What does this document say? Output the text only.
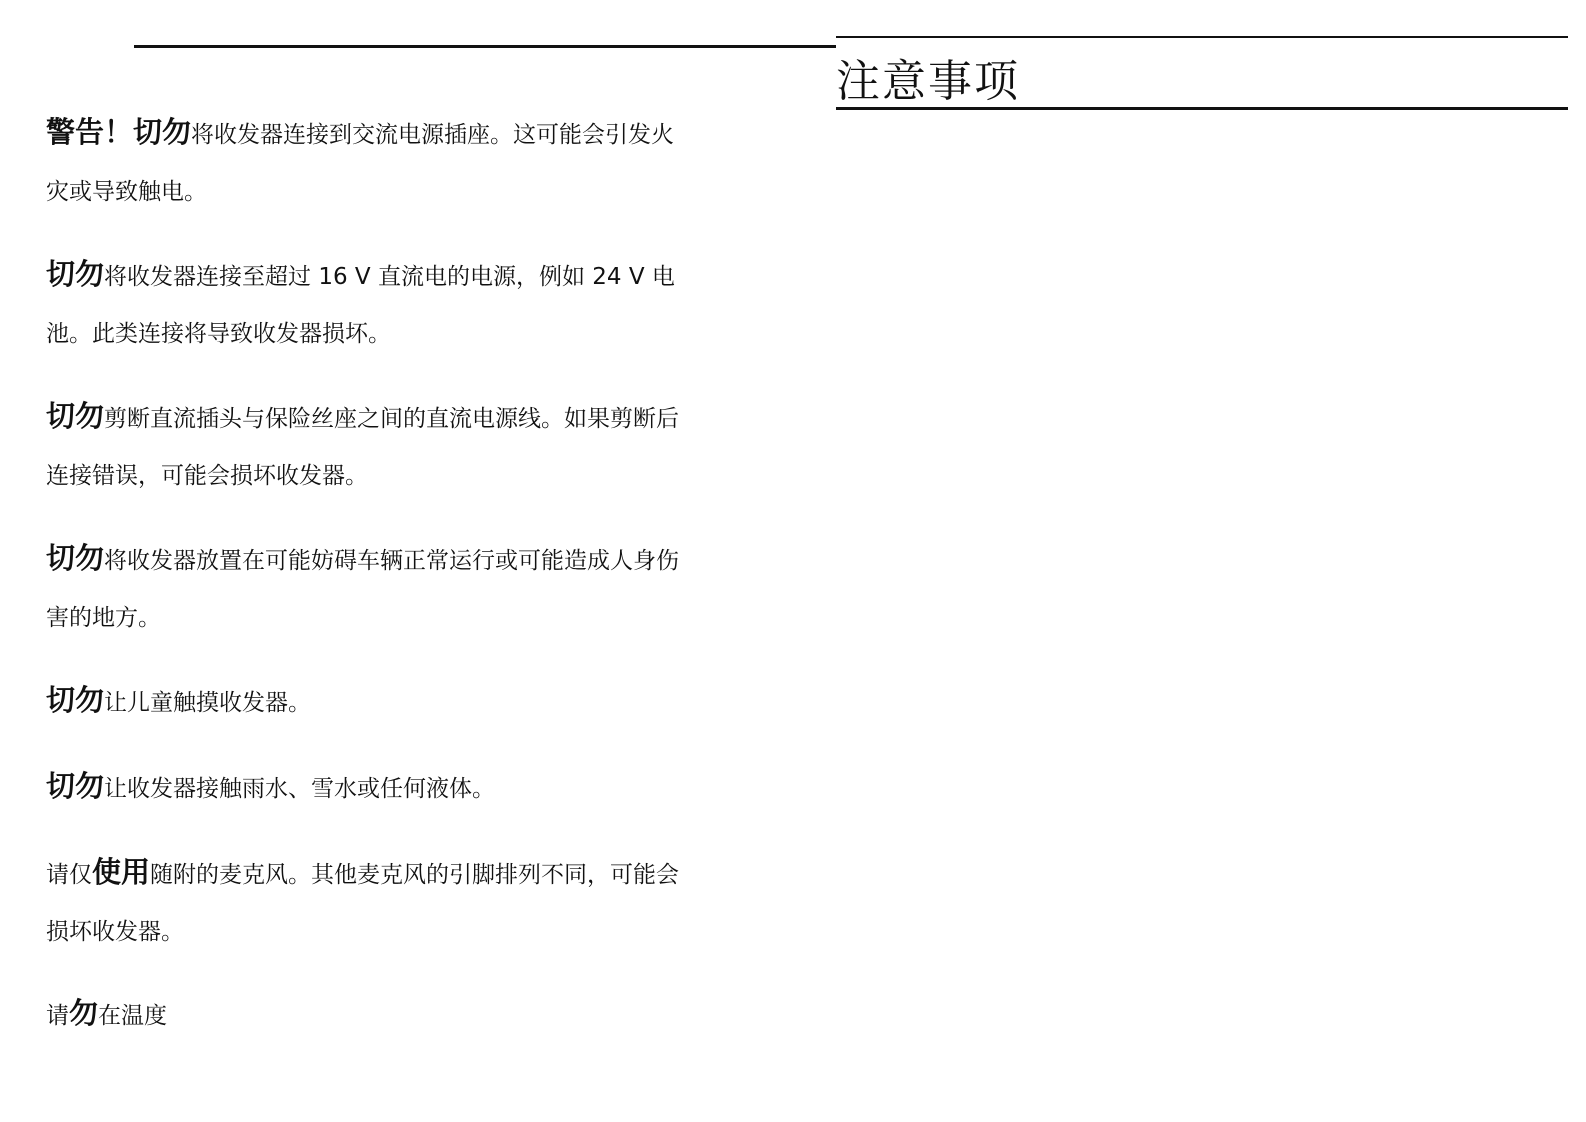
注意事项

警告！切勿将收发器连接到交流电源插座。这可能会引发火灾或导致触电。

切勿将收发器连接至超过 16 V 直流电的电源，例如 24 V 电池。此类连接将导致收发器损坏。

切勿剪断直流插头与保险丝座之间的直流电源线。如果剪断后连接错误，可能会损坏收发器。

切勿将收发器放置在可能妨碍车辆正常运行或可能造成人身伤害的地方。

切勿让儿童触摸收发器。

切勿让收发器接触雨水、雪水或任何液体。

请仅使用随附的麦克风。其他麦克风的引脚排列不同，可能会损坏收发器。

请勿在温度
